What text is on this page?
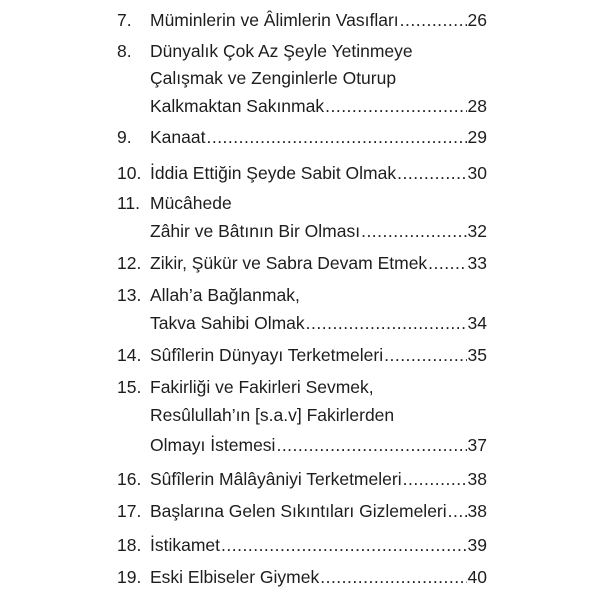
7. Müminlerin ve Âlimlerin Vasıfları .....	26
8. Dünyalık Çok Az Şeyle Yetinmeye
Çalışmak ve Zenginlerle Oturup
Kalkmaktan Sakınmak .....	28
9. Kanaat .....	29
10. İddia Ettiğin Şeyde Sabit Olmak .....	30
11. Mücâhede
Zâhir ve Bâtının Bir Olması .....	32
12. Zikir, Şükür ve Sabra Devam Etmek ..... 33
13. Allah’a Bağlanmak,
Takva Sahibi Olmak .....	34
14. Sûfîlerin Dünyayı Terketmeleri .....	35
15. Fakirliği ve Fakirleri Sevmek,
Resûlullah’ın [s.a.v] Fakirlerden
Olmayı İstemesi .....	37
16. Sûfîlerin Mâlâyâniyi Terketmeleri .....	38
17. Başlarına Gelen Sıkıntıları Gizlemeleri ..... 38
18. İstikamet .....	39
19. Eski Elbiseler Giymek .....	40
